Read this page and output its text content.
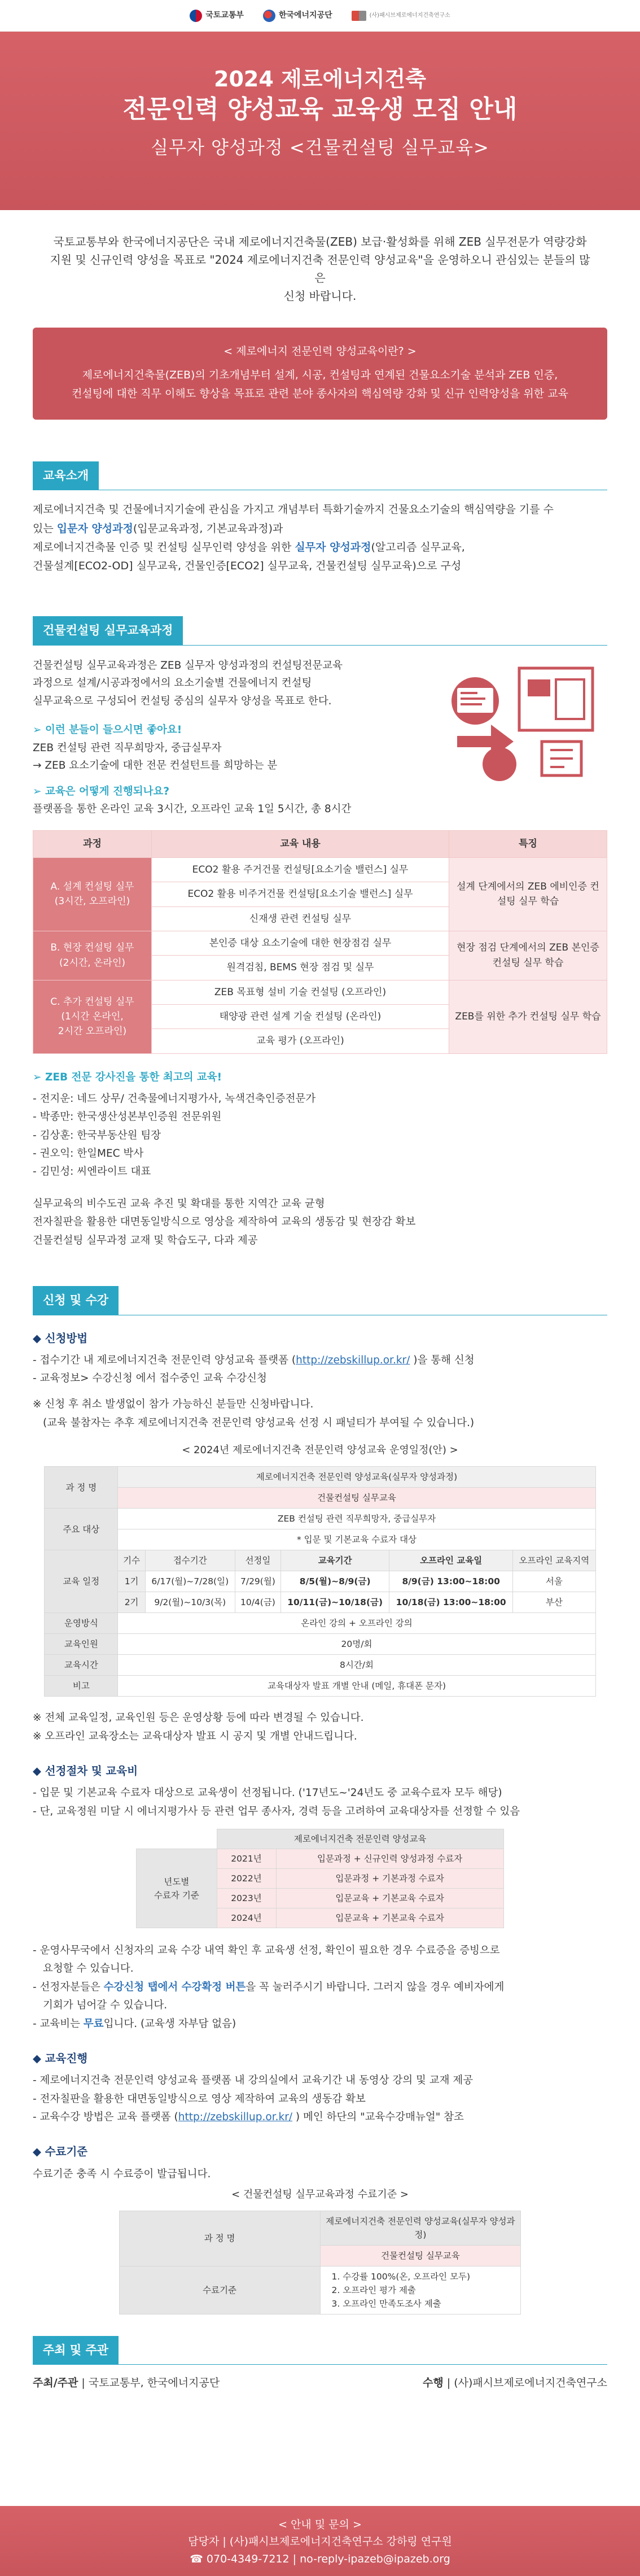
국토교통부	한국에너지공단	(사)패시브제로에너지건축연구소
2024 제로에너지건축
전문인력 양성교육 교육생 모집 안내
실무자 양성과정 <건물컨설팅 실무교육>
국토교통부와 한국에너지공단은 국내 제로에너지건축물(ZEB) 보급·활성화를 위해 ZEB 실무전문가 역량강화
지원 및 신규인력 양성을 목표로 "2024 제로에너지건축 전문인력 양성교육"을 운영하오니 관심있는 분들의 많은
신청 바랍니다.
< 제로에너지 전문인력 양성교육이란? >
제로에너지건축물(ZEB)의 기초개념부터 설계, 시공, 컨설팅과 연계된 건물요소기술 분석과 ZEB 인증,
컨설팅에 대한 직무 이해도 향상을 목표로 관련 분야 종사자의 핵심역량 강화 및 신규 인력양성을 위한 교육
교육소개
제로에너지건축 및 건물에너지기술에 관심을 가지고 개념부터 특화기술까지 건물요소기술의 핵심역량을 기를 수
있는 입문자 양성과정(입문교육과정, 기본교육과정)과
제로에너지건축물 인증 및 컨설팅 실무인력 양성을 위한 실무자 양성과정(알고리즘 실무교육,
건물설계[ECO2-OD] 실무교육, 건물인증[ECO2] 실무교육, 건물컨설팅 실무교육)으로 구성
건물컨설팅 실무교육과정
건물컨설팅 실무교육과정은 ZEB 실무자 양성과정의 컨설팅전문교육
과정으로 설계/시공과정에서의 요소기술별 건물에너지 컨설팅
실무교육으로 구성되어 컨설팅 중심의 실무자 양성을 목표로 한다.
➢ 이런 분들이 들으시면 좋아요!
ZEB 컨설팅 관련 직무희망자, 중급실무자
→ ZEB 요소기술에 대한 전문 컨설턴트를 희망하는 분
➢ 교육은 어떻게 진행되나요?
플랫폼을 통한 온라인 교육 3시간, 오프라인 교육 1일 5시간, 총 8시간
과정	교육 내용	특징

A. 설계 컨설팅 실무
(3시간, 오프라인)	ECO2 활용 주거건물 컨설팅[요소기술 밸런스] 실무	설계 단계에서의 ZEB 에비인증 컨설팅 실무 학습
	ECO2 활용 비주거건물 컨설팅[요소기술 밸런스] 실무	
	신재생 관련 컨설팅 실무	

B. 현장 컨설팅 실무
(2시간, 온라인)	본인증 대상 요소기술에 대한 현장점검 실무	현장 점검 단계에서의 ZEB 본인증 컨설팅 실무 학습
	원격검침, BEMS 현장 점검 및 실무	

C. 추가 컨설팅 실무
(1시간 온라인,
2시간 오프라인)	ZEB 목표형 설비 기술 컨설팅 (오프라인)	ZEB를 위한 추가 컨설팅 실무 학습
	태양광 관련 설계 기술 컨설팅 (온라인)	
	교육 평가 (오프라인)	
➢ ZEB 전문 강사진을 통한 최고의 교육!
- 전지운: 네드 상무/ 건축물에너지평가사, 녹색건축인증전문가
- 박종만: 한국생산성본부인증원 전문위원
- 김상훈: 한국부동산원 팀장
- 권오익: 한일MEC 박사
- 김민성: 씨엔라이트 대표
실무교육의 비수도권 교육 추진 및 확대를 통한 지역간 교육 균형
전자칠판을 활용한 대면동일방식으로 영상을 제작하여 교육의 생동감 및 현장감 확보
건물컨설팅 실무과정 교재 및 학습도구, 다과 제공
신청 및 수강
◆ 신청방법
- 접수기간 내 제로에너지건축 전문인력 양성교육 플랫폼 (http://zebskillup.or.kr/ )을 통해 신청
- 교육정보> 수강신청 에서 접수중인 교육 수강신청
※ 신청 후 취소 발생없이 참가 가능하신 분들만 신청바랍니다.
(교육 불참자는 추후 제로에너지건축 전문인력 양성교육 선정 시 패널티가 부여될 수 있습니다.)
< 2024년 제로에너지건축 전문인력 양성교육 운영일정(안) >
과 정 명	제로에너지건축 전문인력 양성교육(실무자 양성과정)					
	건물컨설팅 실무교육					
주요 대상	ZEB 컨설팅 관련 직무희망자, 중급실무자					
	* 입문 및 기본교육 수료자 대상					
교육 일정	기수	접수기간	선정일	교육기간	오프라인 교육일	오프라인 교육지역
	1기	6/17(월)~7/28(일)	7/29(월)	8/5(월)~8/9(금)	8/9(금) 13:00~18:00	서울
	2기	9/2(월)~10/3(목)	10/4(금)	10/11(금)~10/18(금)	10/18(금) 13:00~18:00	부산
운영방식	온라인 강의 + 오프라인 강의					
교육인원	20명/회					
교육시간	8시간/회					
비고	교육대상자 발표 개별 안내 (메일, 휴대폰 문자)					
※ 전체 교육일정, 교육인원 등은 운영상황 등에 따라 변경될 수 있습니다.
※ 오프라인 교육장소는 교육대상자 발표 시 공지 및 개별 안내드립니다.
◆ 선정절차 및 교육비
- 입문 및 기본교육 수료자 대상으로 교육생이 선정됩니다. ('17년도~'24년도 중 교육수료자 모두 해당)
- 단, 교육정원 미달 시 에너지평가사 등 관련 업무 종사자, 경력 등을 고려하여 교육대상자를 선정할 수 있음
	제로에너지건축 전문인력 양성교육	

년도별
수료자 기준	2021년	입문과정 + 신규인력 양성과정 수료자
	2022년	입문과정 + 기본과정 수료자
	2023년	입문교육 + 기본교육 수료자
	2024년	입문교육 + 기본교육 수료자
- 운영사무국에서 신청자의 교육 수강 내역 확인 후 교육생 선정, 확인이 필요한 경우 수료증을 증빙으로
요청할 수 있습니다.
- 선정자분들은 수강신청 탭에서 수강확정 버튼을 꼭 눌러주시기 바랍니다. 그러지 않을 경우 예비자에게
기회가 넘어갈 수 있습니다.
- 교육비는 무료입니다. (교육생 자부담 없음)
◆ 교육진행
- 제로에너지건축 전문인력 양성교육 플랫폼 내 강의실에서 교육기간 내 동영상 강의 및 교재 제공
- 전자칠판을 활용한 대면동일방식으로 영상 제작하여 교육의 생동감 확보
- 교육수강 방법은 교육 플랫폼 (http://zebskillup.or.kr/ ) 메인 하단의 "교육수강매뉴얼" 참조
◆ 수료기준
수료기준 충족 시 수료증이 발급됩니다.
< 건물컨설팅 실무교육과정 수료기준 >
과 정 명	제로에너지건축 전문인력 양성교육(실무자 양성과정)
	건물컨설팅 실무교육
수료기준	1. 수강률 100%(온, 오프라인 모두)
2. 오프라인 평가 제출
3. 오프라인 만족도조사 제출
주최 및 주관
주최/주관 | 국토교통부, 한국에너지공단	수행 | (사)패시브제로에너지건축연구소
< 안내 및 문의 >
담당자 | (사)패시브제로에너지건축연구소 강하링 연구원
☎ 070-4349-7212 | no-reply-ipazeb@ipazeb.org
